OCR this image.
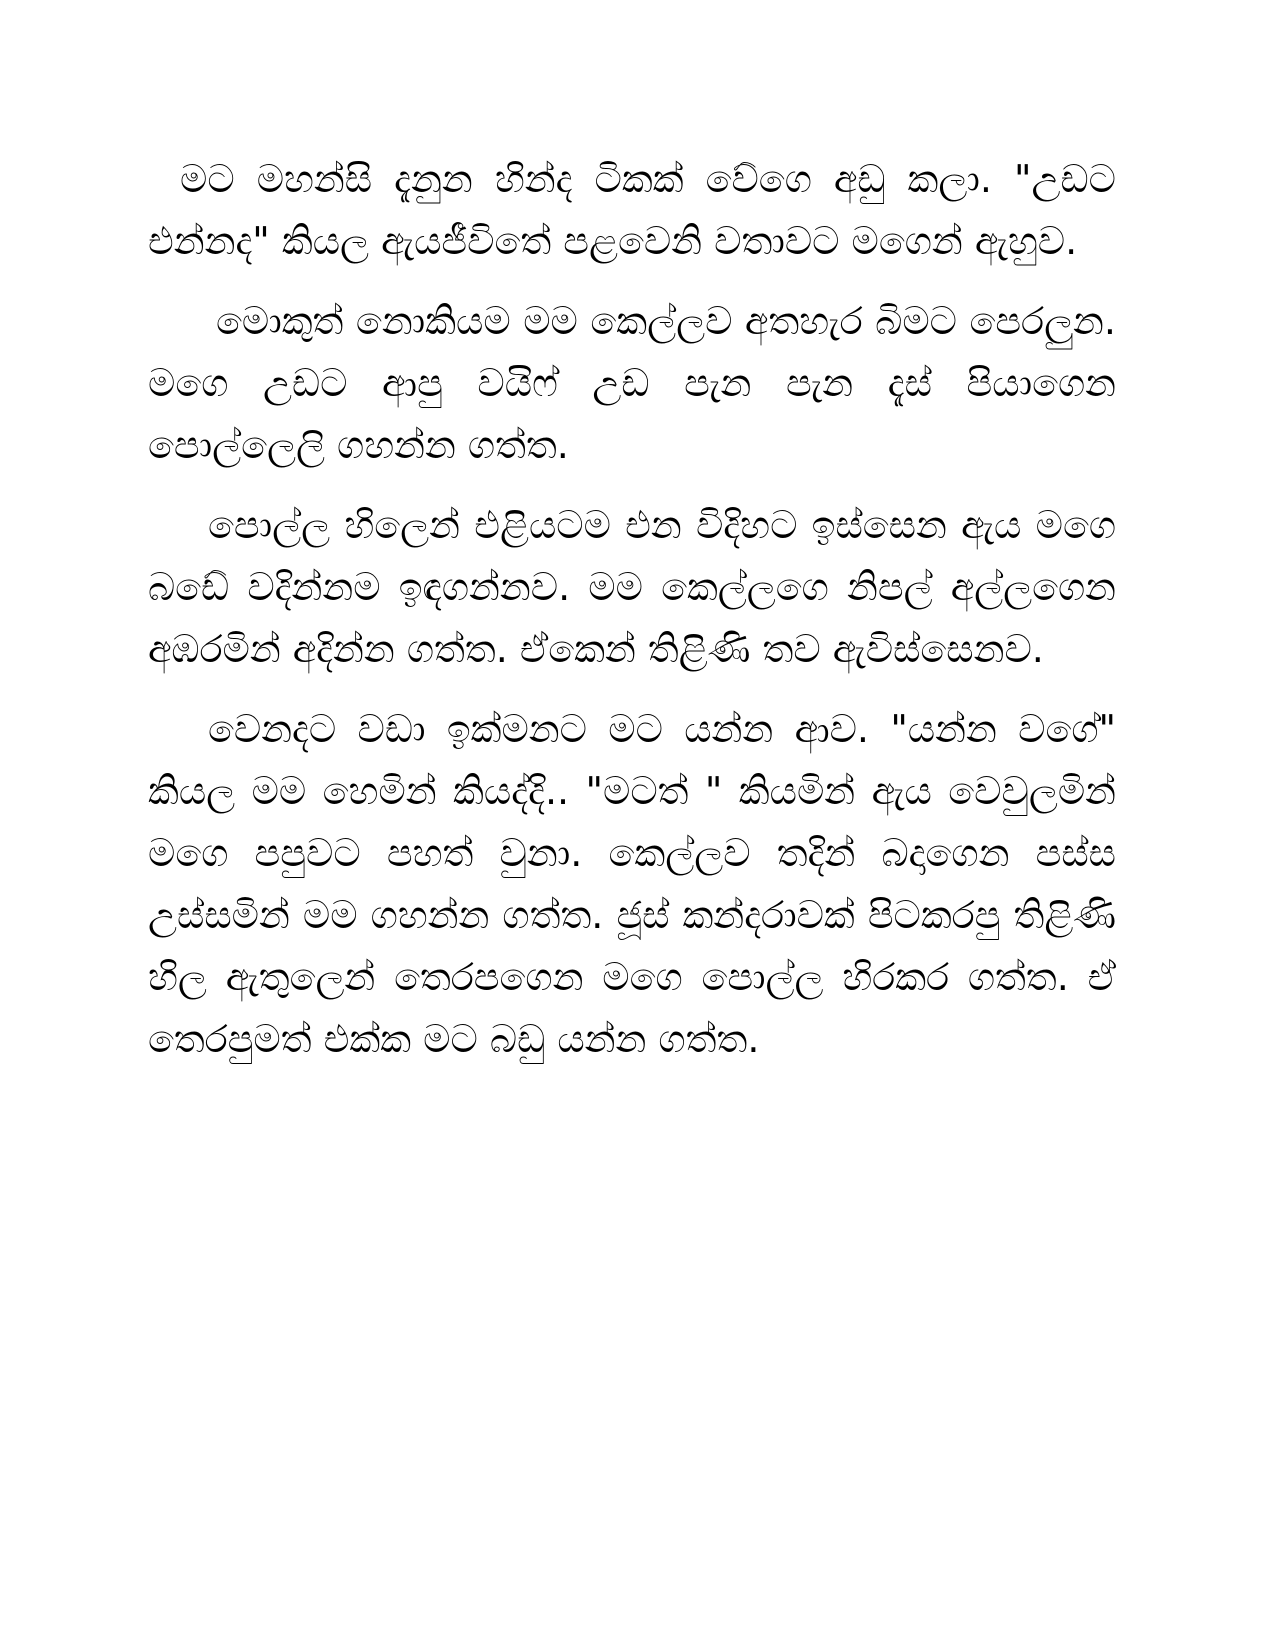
මට මහන්සි දැනුන හින්ද ටිකක් වේගෙ අඩු කලා. "උඩට එන්නද" කියල ඇයජීවිතේ පළවෙනි වතාවට මගෙන් ඇහුව.

මොකුත් නොකියම මම කෙල්ලව අතහැර බිමට පෙරලුන. මගෙ උඩට ආපු වයිෆ් උඩ පැන පැන දැස් පියාගෙන පොල්ලෙලි ගහන්න ගත්ත.

පොල්ල හිලෙන් එළියටම එන විදිහට ඉස්සෙන ඇය මගෙ බඩේ වදින්නම ඉඳගන්නව. මම කෙල්ලගෙ නිපල් අල්ලගෙන අඹරමින් අදින්න ගත්ත. ඒකෙන් තිළිණි තව ඇවිස්සෙනව.

වෙනදට වඩා ඉක්මනට මට යන්න ආව. "යන්න වගේ" කියල මම හෙමින් කියද්දි.. "මටත් " කියමින් ඇය වෙවුලමින් මගෙ පපුවට පහත් වුනා. කෙල්ලව තදින් බදාගෙන පස්ස උස්සමින් මම ගහන්න ගත්ත. ජූස් කන්දරාවක් පිටකරපු තිළිණි හිල ඇතුලෙන් තෙරපගෙන මගෙ පොල්ල හිරකර ගත්ත. ඒ තෙරපුමත් එක්ක මට බඩු යන්න ගත්ත.
